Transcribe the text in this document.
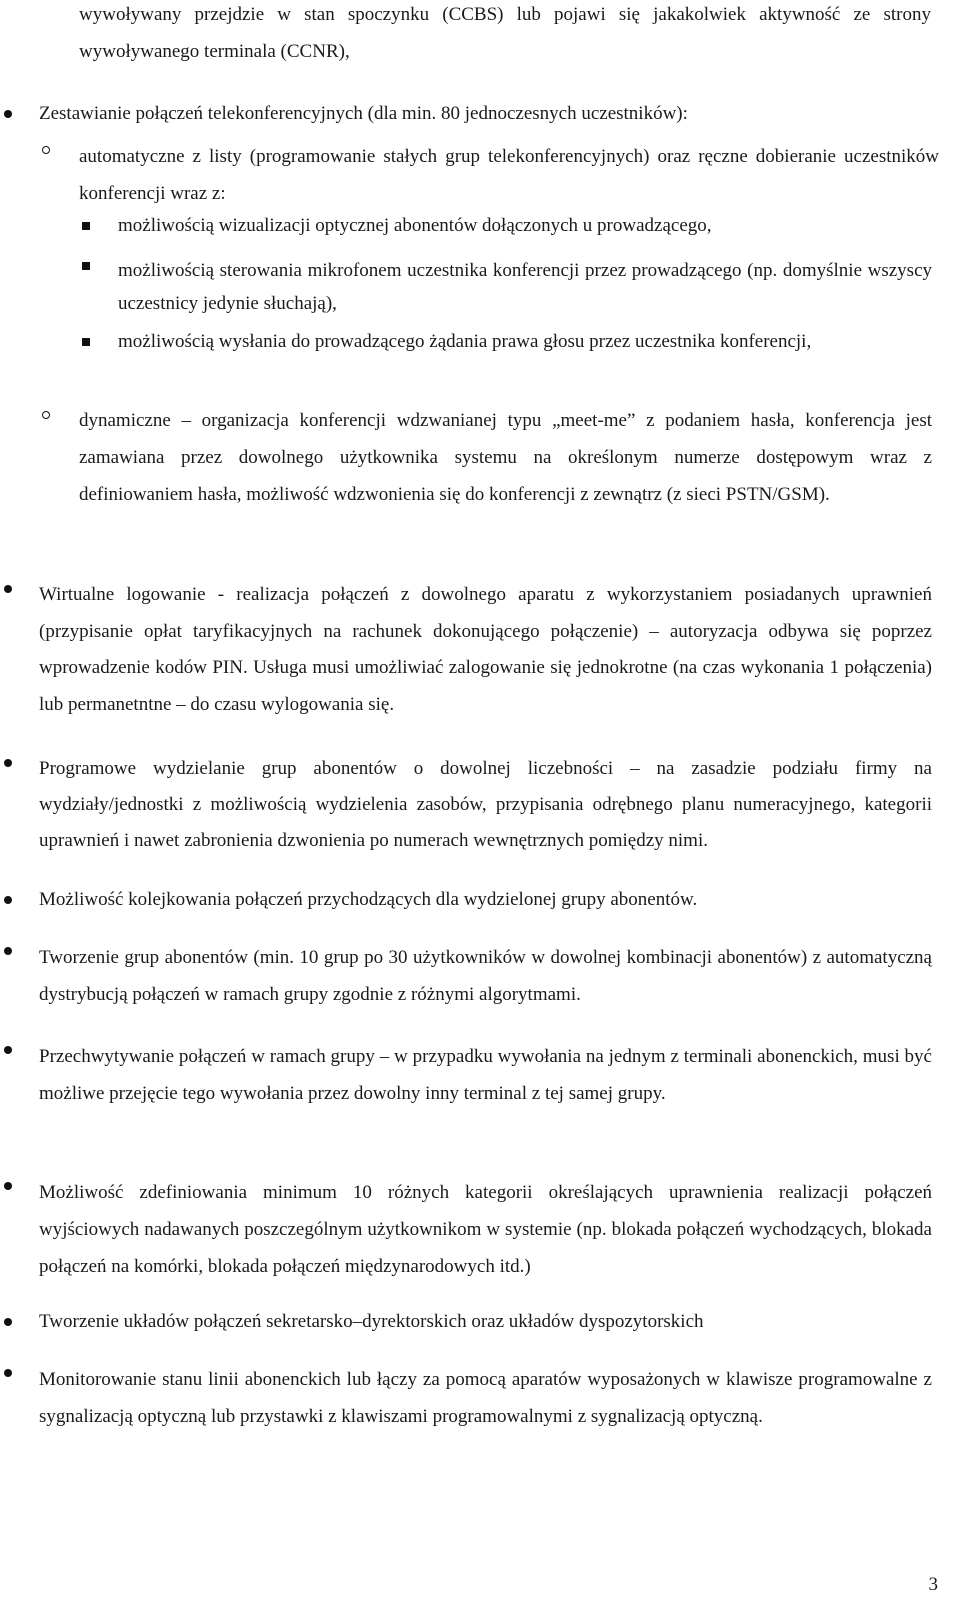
wywoływany przejdzie w stan spoczynku (CCBS) lub pojawi się jakakolwiek aktywność ze strony

wywoływanego terminala (CCNR),

Zestawianie połączeń telekonferencyjnych (dla min. 80 jednoczesnych uczestników):

automatyczne z listy (programowanie stałych grup telekonferencyjnych) oraz ręczne dobieranie uczestników konferencji wraz z:

możliwością wizualizacji optycznej abonentów dołączonych u prowadzącego,

możliwością sterowania mikrofonem uczestnika konferencji przez prowadzącego (np. domyślnie wszyscy uczestnicy jedynie słuchają),

możliwością wysłania do prowadzącego żądania prawa głosu przez uczestnika konferencji,

dynamiczne – organizacja konferencji wdzwanianej typu „meet-me” z podaniem hasła, konferencja jest zamawiana przez dowolnego użytkownika systemu na określonym numerze dostępowym wraz z definiowaniem hasła, możliwość wdzwonienia się do konferencji z zewnątrz (z sieci PSTN/GSM).

Wirtualne logowanie - realizacja połączeń z dowolnego aparatu z wykorzystaniem posiadanych uprawnień (przypisanie opłat taryfikacyjnych na rachunek dokonującego połączenie) – autoryzacja odbywa się poprzez wprowadzenie kodów PIN. Usługa musi umożliwiać zalogowanie się jednokrotne (na czas wykonania 1 połączenia) lub permanetntne – do czasu wylogowania się.

Programowe wydzielanie grup abonentów o dowolnej liczebności – na zasadzie podziału firmy na wydziały/jednostki z możliwością wydzielenia zasobów, przypisania odrębnego planu numeracyjnego, kategorii uprawnień i nawet zabronienia dzwonienia po numerach wewnętrznych pomiędzy nimi.

Możliwość kolejkowania połączeń przychodzących dla wydzielonej grupy abonentów.

Tworzenie grup abonentów (min. 10 grup po 30 użytkowników w dowolnej kombinacji abonentów) z automatyczną dystrybucją połączeń w ramach grupy zgodnie z różnymi algorytmami.

Przechwytywanie połączeń w ramach grupy – w przypadku wywołania na jednym z terminali abonenckich, musi być możliwe przejęcie tego wywołania przez dowolny inny terminal z tej samej grupy.

Możliwość zdefiniowania minimum 10 różnych kategorii określających uprawnienia realizacji połączeń wyjściowych nadawanych poszczególnym użytkownikom w systemie (np. blokada połączeń wychodzących, blokada połączeń na komórki, blokada połączeń międzynarodowych itd.)

Tworzenie układów połączeń sekretarsko–dyrektorskich oraz układów dyspozytorskich

Monitorowanie stanu linii abonenckich lub łączy za pomocą aparatów wyposażonych w klawisze programowalne z sygnalizacją optyczną lub przystawki z klawiszami programowalnymi z sygnalizacją optyczną.

3
